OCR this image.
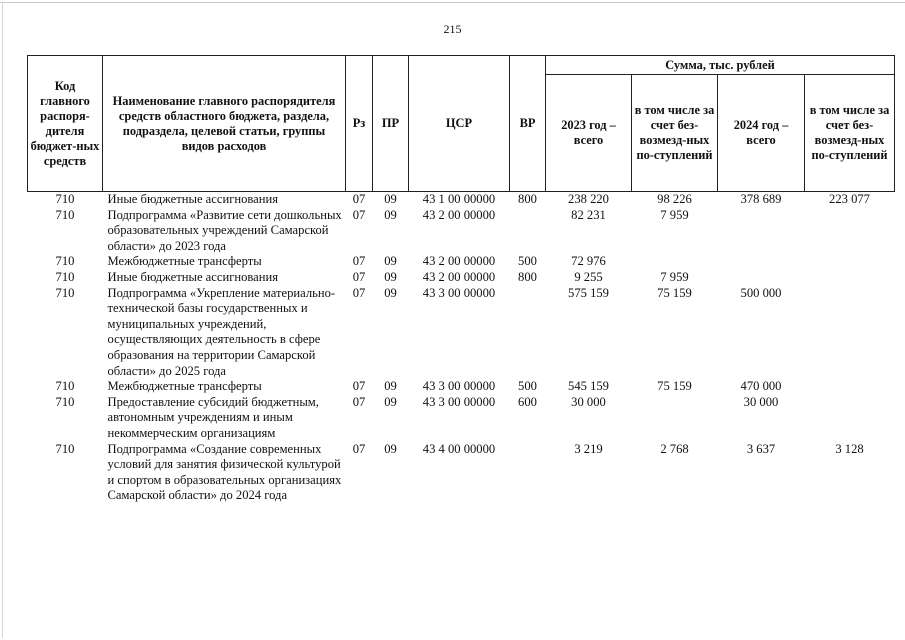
215
Код главного распоря-дителя бюджет-ных средств	Наименование главного распорядителя средств областного бюджета, раздела, подраздела, целевой статьи, группы видов расходов	Рз	ПР	ЦСР	ВР	Сумма, тыс. рублей			
						2023 год – всего	в том числе за счет без-возмезд-ных по-ступлений	2024 год – всего	в том числе за счет без-возмезд-ных по-ступлений
710	Иные бюджетные ассигнования	07	09	43 1 00 00000	800	238 220	98 226	378 689	223 077
710	Подпрограмма «Развитие сети дошкольных образовательных учреждений Самарской области» до 2023 года	07	09	43 2 00 00000		82 231	7 959		
710	Межбюджетные трансферты	07	09	43 2 00 00000	500	72 976			
710	Иные бюджетные ассигнования	07	09	43 2 00 00000	800	9 255	7 959		
710	Подпрограмма «Укрепление материально-технической базы государственных и муниципальных учреждений, осуществляющих деятельность в сфере образования на территории Самарской области» до 2025 года	07	09	43 3 00 00000		575 159	75 159	500 000	
710	Межбюджетные трансферты	07	09	43 3 00 00000	500	545 159	75 159	470 000	
710	Предоставление субсидий бюджетным, автономным учреждениям и иным некоммерческим организациям	07	09	43 3 00 00000	600	30 000		30 000	
710	Подпрограмма «Создание современных условий для занятия физической культурой и спортом в образовательных организациях Самарской области» до 2024 года	07	09	43 4 00 00000		3 219	2 768	3 637	3 128
